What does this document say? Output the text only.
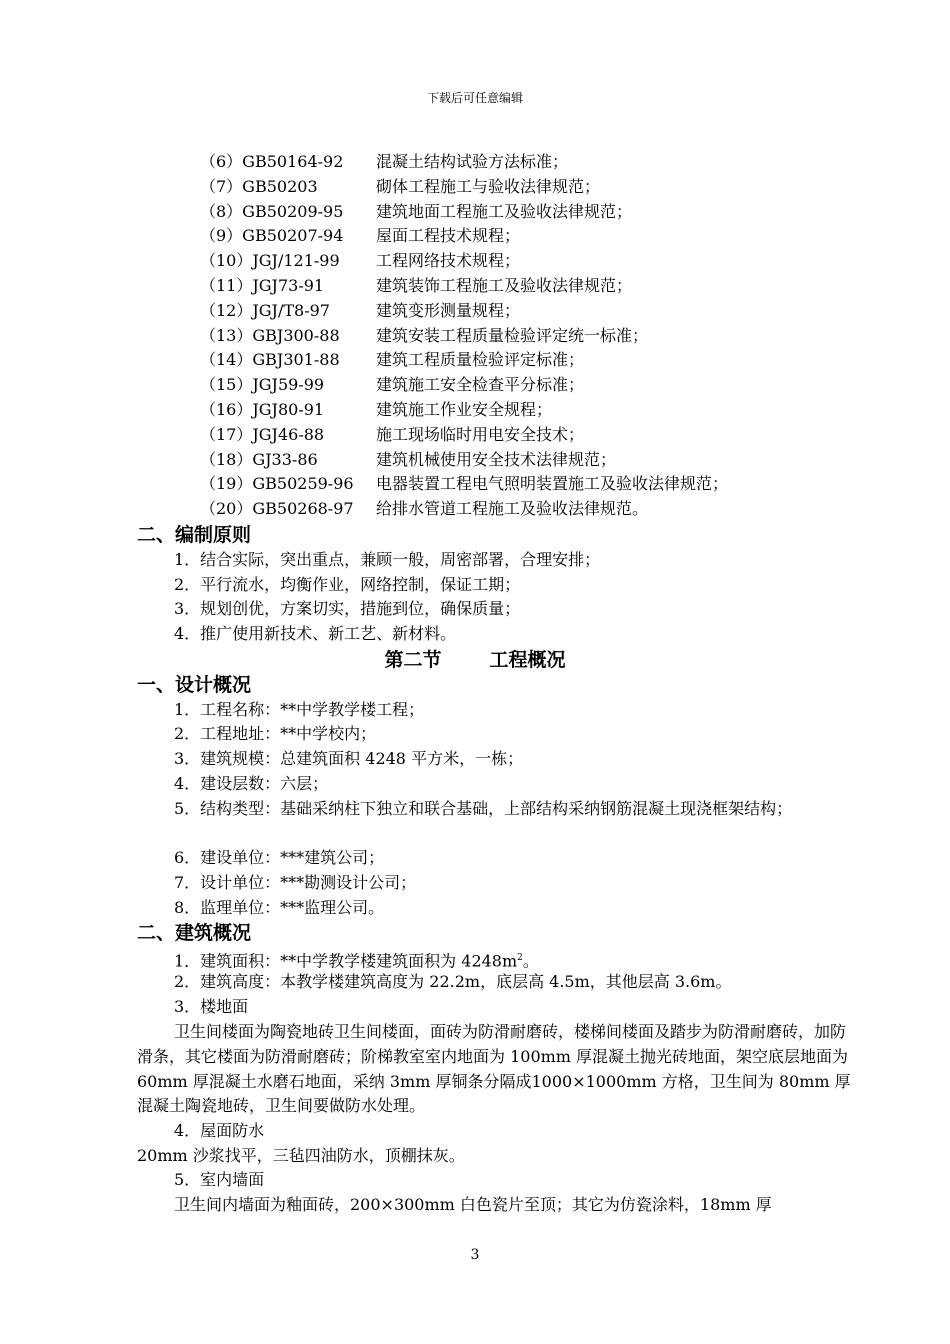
下载后可任意编辑
（6）GB50164-92 混凝土结构试验方法标准；
（7）GB50203	砌体工程施工与验收法律规范；
（8）GB50209-95 建筑地面工程施工及验收法律规范；
（9）GB50207-94 屋面工程技术规程；
（10）JGJ/121-99 工程网络技术规程；
（11）JGJ73-91	建筑装饰工程施工及验收法律规范；
（12）JGJ/T8-97	建筑变形测量规程；
（13）GBJ300-88 建筑安装工程质量检验评定统一标准；
（14）GBJ301-88 建筑工程质量检验评定标准；
（15）JGJ59-99	建筑施工安全检查平分标准；
（16）JGJ80-91	建筑施工作业安全规程；
（17）JGJ46-88	施工现场临时用电安全技术；
（18）GJ33-86	建筑机械使用安全技术法律规范；
（19）GB50259-96 电器装置工程电气照明装置施工及验收法律规范；
（20）GB50268-97 给排水管道工程施工及验收法律规范。
二、编制原则
1．结合实际，突出重点，兼顾一般，周密部署，合理安排；
2．平行流水，均衡作业，网络控制，保证工期；
3．规划创优，方案切实，措施到位，确保质量；
4．推广使用新技术、新工艺、新材料。
第二节	工程概况
一、设计概况
1．工程名称：**中学教学楼工程；
2．工程地址：**中学校内；
3．建筑规模：总建筑面积 4248 平方米，一栋；
4．建设层数：六层；

5．结构类型：基础采纳柱下独立和联合基础，上部结构采纳钢筋混凝土现浇框架结构；

6．建设单位：***建筑公司；
7．设计单位：***勘测设计公司；
8．监理单位：***监理公司。
二、建筑概况
1．建筑面积：**中学教学楼建筑面积为 $4248m^2$。
2．建筑高度：本教学楼建筑高度为 22.2m，底层高 4.5m，其他层高 3.6m。
3．楼地面

卫生间楼面为陶瓷地砖卫生间楼面，面砖为防滑耐磨砖，楼梯间楼面及踏步为防滑耐磨砖，加防滑条，其它楼面为防滑耐磨砖；阶梯教室室内地面为 100mm 厚混凝土抛光砖地面，架空底层地面为 60mm 厚混凝土水磨石地面，采纳 3mm 厚铜条分隔成1000×1000mm 方格，卫生间为 80mm 厚混凝土陶瓷地砖，卫生间要做防水处理。

4．屋面防水

20mm 沙浆找平，三毡四油防水，顶棚抹灰。

5．室内墙面

卫生间内墙面为釉面砖，200×300mm 白色瓷片至顶；其它为仿瓷涂料，18mm 厚

3
